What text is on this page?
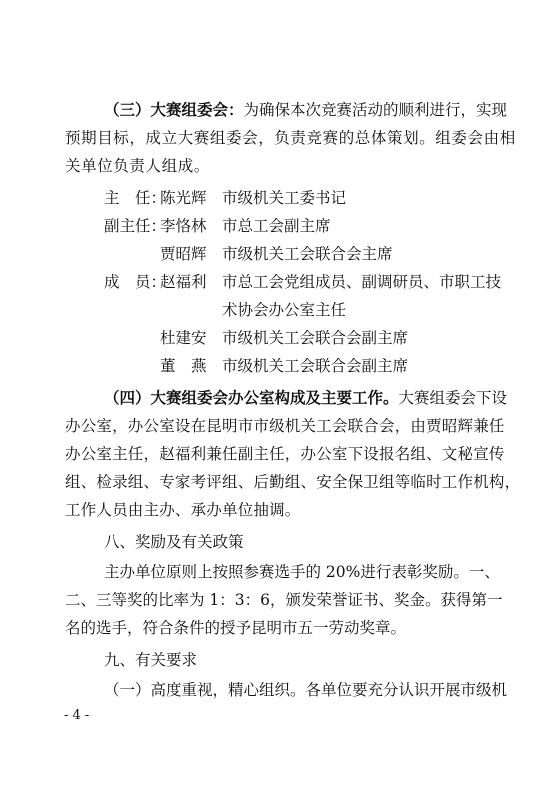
（三）大赛组委会：为确保本次竞赛活动的顺利进行，实现
预期目标，成立大赛组委会，负责竞赛的总体策划。组委会由相
关单位负责人组成。
主　任：
陈光辉 市级机关工委书记
副主任：
李恪林 市总工会副主席
贾昭辉 市级机关工会联合会主席
成　员：
赵福利 市总工会党组成员、副调研员、市职工技
术协会办公室主任
杜建安 市级机关工会联合会副主席
董　燕 市级机关工会联合会副主席
（四）大赛组委会办公室构成及主要工作。大赛组委会下设
办公室，办公室设在昆明市市级机关工会联合会，由贾昭辉兼任
办公室主任，赵福利兼任副主任，办公室下设报名组、文秘宣传
组、检录组、专家考评组、后勤组、安全保卫组等临时工作机构，
工作人员由主办、承办单位抽调。
八、奖励及有关政策
主办单位原则上按照参赛选手的 20%进行表彰奖励。一、
二、三等奖的比率为 1：3：6，颁发荣誉证书、奖金。获得第一
名的选手，符合条件的授予昆明市五一劳动奖章。
九、有关要求
（一）高度重视，精心组织。各单位要充分认识开展市级机
- 4 -
